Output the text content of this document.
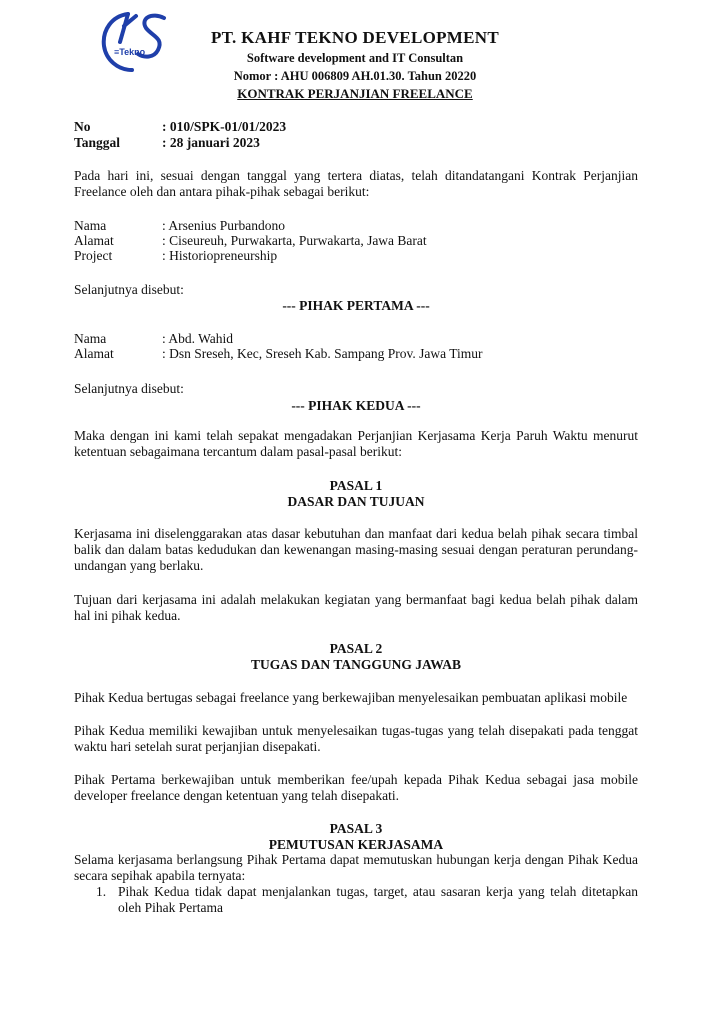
≡Tekno
PT. KAHF TEKNO DEVELOPMENT
Software development and IT Consultan
Nomor : AHU 006809 AH.01.30. Tahun 20220
KONTRAK PERJANJIAN FREELANCE
No	: 010/SPK-01/01/2023
Tanggal	: 28 januari 2023
Pada hari ini, sesuai dengan tanggal yang tertera diatas, telah ditandatangani Kontrak Perjanjian Freelance oleh dan antara pihak-pihak sebagai berikut:
Nama	: Arsenius Purbandono
Alamat	: Ciseureuh, Purwakarta, Purwakarta, Jawa Barat
Project	: Historiopreneurship
Selanjutnya disebut:
--- PIHAK PERTAMA ---
Nama	: Abd. Wahid
Alamat	: Dsn Sreseh, Kec, Sreseh Kab. Sampang Prov. Jawa Timur
Selanjutnya disebut:
--- PIHAK KEDUA ---
Maka dengan ini kami telah sepakat mengadakan Perjanjian Kerjasama Kerja Paruh Waktu menurut ketentuan sebagaimana tercantum dalam pasal-pasal berikut:
PASAL 1
DASAR DAN TUJUAN
Kerjasama ini diselenggarakan atas dasar kebutuhan dan manfaat dari kedua belah pihak secara timbal balik dan dalam batas kedudukan dan kewenangan masing-masing sesuai dengan peraturan perundang-undangan yang berlaku.
Tujuan dari kerjasama ini adalah melakukan kegiatan yang bermanfaat bagi kedua belah pihak dalam hal ini pihak kedua.
PASAL 2
TUGAS DAN TANGGUNG JAWAB
Pihak Kedua bertugas sebagai freelance yang berkewajiban menyelesaikan pembuatan aplikasi mobile
Pihak Kedua memiliki kewajiban untuk menyelesaikan tugas-tugas yang telah disepakati pada tenggat waktu hari setelah surat perjanjian disepakati.
Pihak Pertama berkewajiban untuk memberikan fee/upah kepada Pihak Kedua sebagai jasa mobile developer freelance dengan ketentuan yang telah disepakati.
PASAL 3
PEMUTUSAN KERJASAMA
Selama kerjasama berlangsung Pihak Pertama dapat memutuskan hubungan kerja dengan Pihak Kedua secara sepihak apabila ternyata:
1. Pihak Kedua tidak dapat menjalankan tugas, target, atau sasaran kerja yang telah ditetapkan oleh Pihak Pertama
